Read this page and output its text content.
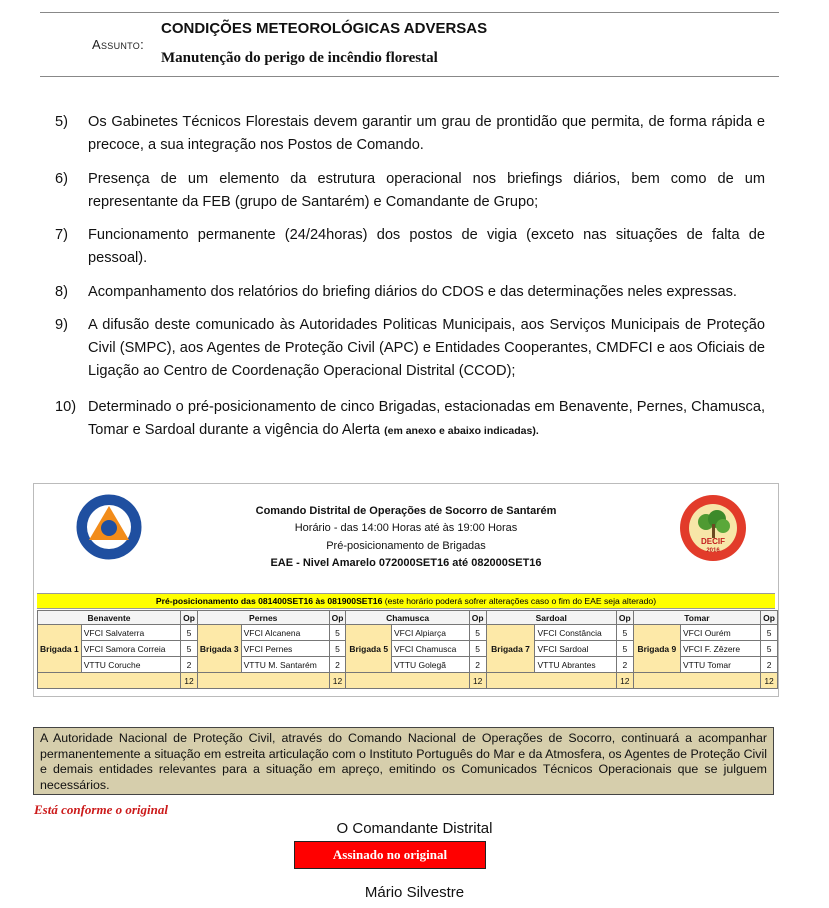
Assunto:
CONDIÇÕES METEOROLÓGICAS ADVERSAS
Manutenção do perigo de incêndio florestal
5) Os Gabinetes Técnicos Florestais devem garantir um grau de prontidão que permita, de forma rápida e precoce, a sua integração nos Postos de Comando.
6) Presença de um elemento da estrutura operacional nos briefings diários, bem como de um representante da FEB (grupo de Santarém) e Comandante de Grupo;
7) Funcionamento permanente (24/24horas) dos postos de vigia (exceto nas situações de falta de pessoal).
8) Acompanhamento dos relatórios do briefing diários do CDOS e das determinações neles expressas.
9) A difusão deste comunicado às Autoridades Politicas Municipais, aos Serviços Municipais de Proteção Civil (SMPC), aos Agentes de Proteção Civil (APC) e Entidades Cooperantes, CMDFCI e aos Oficiais de Ligação ao Centro de Coordenação Operacional Distrital (CCOD);
10) Determinado o pré-posicionamento de cinco Brigadas, estacionadas em Benavente, Pernes, Chamusca, Tomar e Sardoal durante a vigência do Alerta (em anexo e abaixo indicadas).
DECIF
2016
Comando Distrital de Operações de Socorro de Santarém
Horário - das 14:00 Horas até às 19:00 Horas
Pré-posicionamento de Brigadas
EAE - Nivel Amarelo 072000SET16 até 082000SET16
Pré-posicionamento das 081400SET16 às 081900SET16 (este horário poderá sofrer alterações caso o fim do EAE seja alterado)
Benavente		Op	Pernes		Op	Chamusca		Op	Sardoal		Op	Tomar		Op
Brigada 1	VFCI Salvaterra	5	Brigada 3	VFCI Alcanena	5	Brigada 5	VFCI Alpiarça	5	Brigada 7	VFCI Constância	5	Brigada 9	VFCI Ourém	5
	VFCI Samora Correia	5		VFCI Pernes	5		VFCI Chamusca	5		VFCI Sardoal	5		VFCI F. Zêzere	5
	VTTU Coruche	2		VTTU M. Santarém	2		VTTU Golegã	2		VTTU Abrantes	2		VTTU Tomar	2
		12			12			12			12			12
A Autoridade Nacional de Proteção Civil, através do Comando Nacional de Operações de Socorro, continuará a acompanhar permanentemente a situação em estreita articulação com o Instituto Português do Mar e da Atmosfera, os Agentes de Proteção Civil e demais entidades relevantes para a situação em apreço, emitindo os Comunicados Técnicos Operacionais que se julguem necessários.
Está conforme o original
O Comandante Distrital
Assinado no original
Mário Silvestre
